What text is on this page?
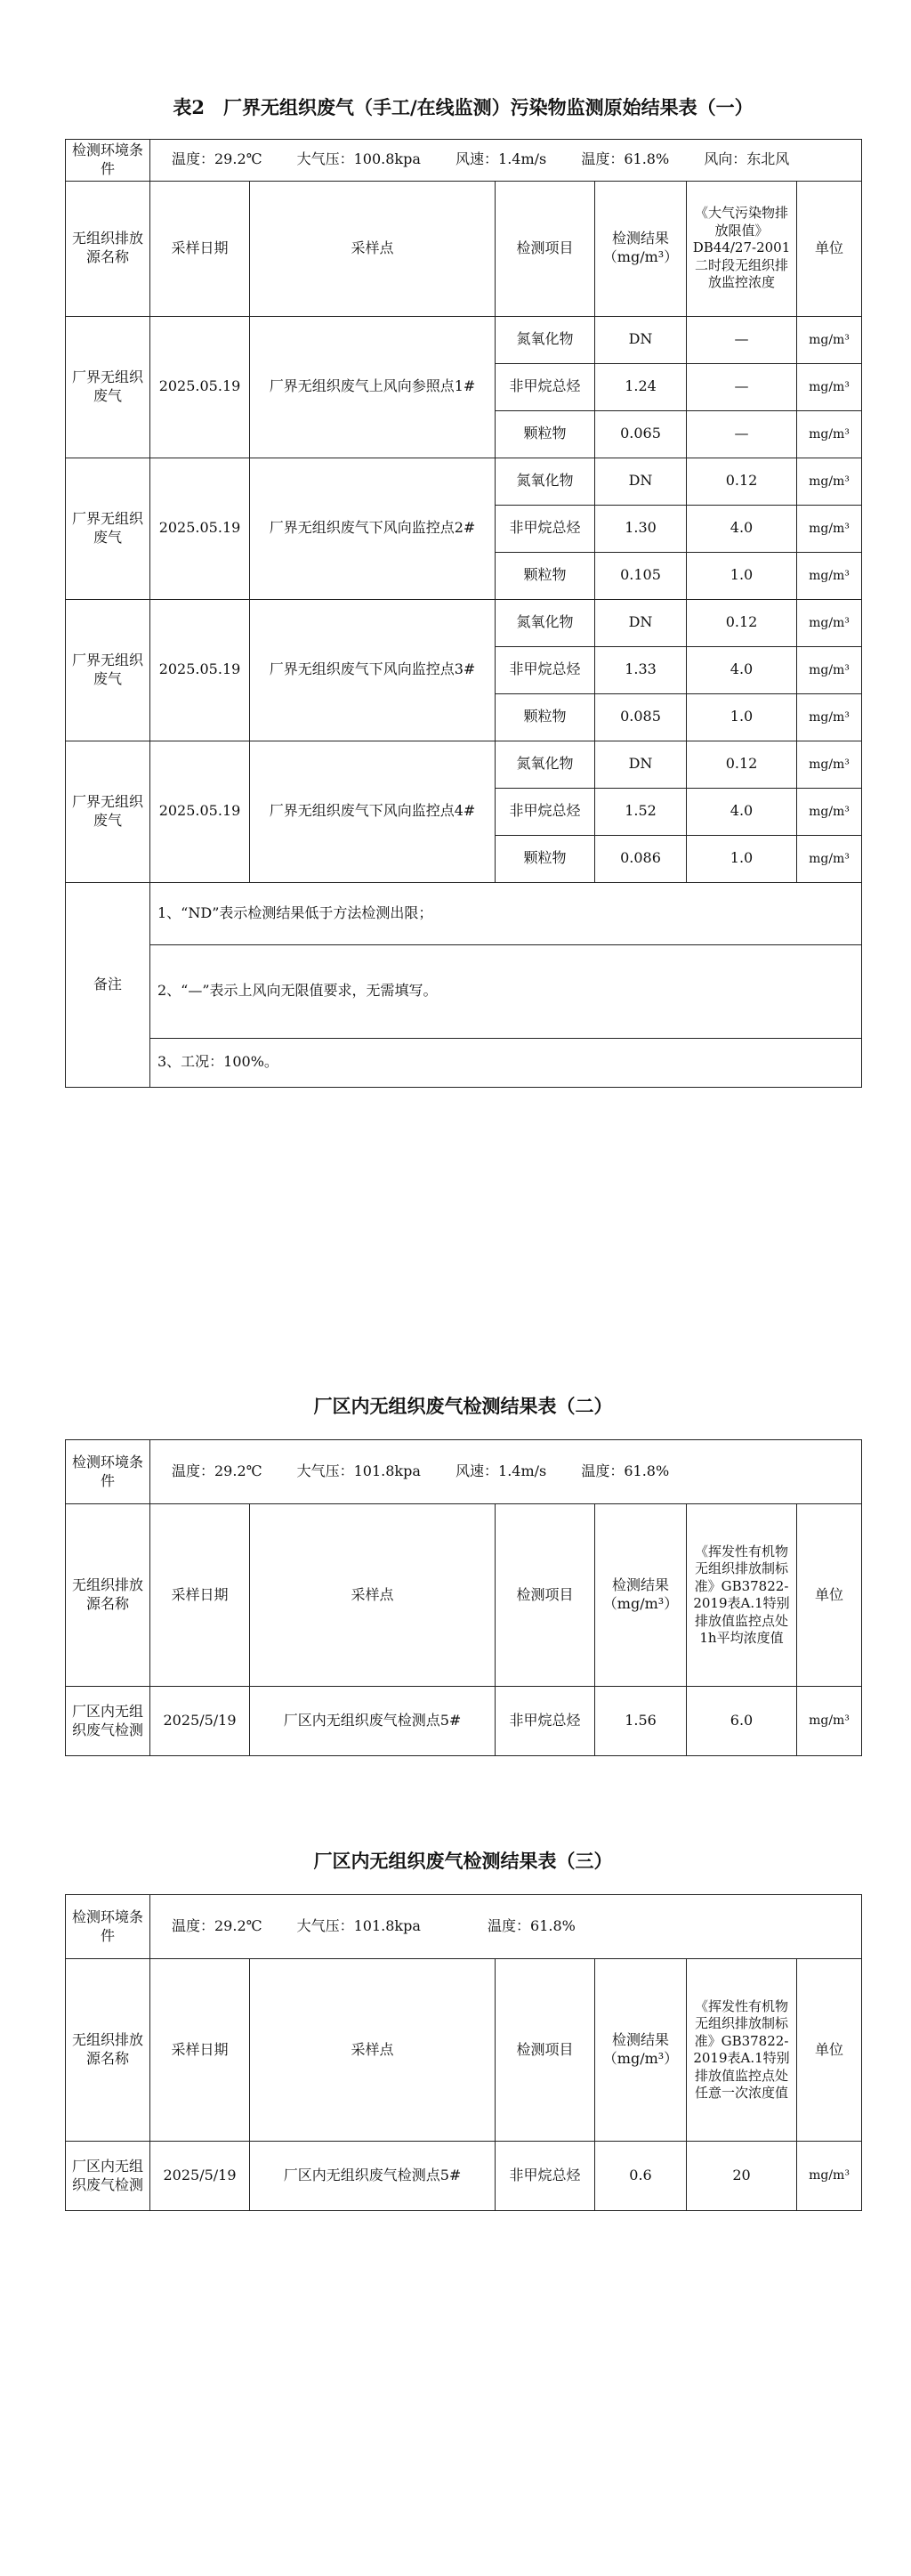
表2　厂界无组织废气（手工/在线监测）污染物监测原始结果表（一）
检测环境条件	温度：29.2℃ 大气压：100.8kpa 风速：1.4m/s 温度：61.8% 风向：东北风					
无组织排放源名称	采样日期	采样点	检测项目	检测结果（mg/m³）	《大气污染物排放限值》DB44/27-2001二时段无组织排放监控浓度	单位
厂界无组织废气	2025.05.19	厂界无组织废气上风向参照点1#	氮氧化物	DN	—	mg/m³
			非甲烷总烃	1.24	—	mg/m³
			颗粒物	0.065	—	mg/m³
厂界无组织废气	2025.05.19	厂界无组织废气下风向监控点2#	氮氧化物	DN	0.12	mg/m³
			非甲烷总烃	1.30	4.0	mg/m³
			颗粒物	0.105	1.0	mg/m³
厂界无组织废气	2025.05.19	厂界无组织废气下风向监控点3#	氮氧化物	DN	0.12	mg/m³
			非甲烷总烃	1.33	4.0	mg/m³
			颗粒物	0.085	1.0	mg/m³
厂界无组织废气	2025.05.19	厂界无组织废气下风向监控点4#	氮氧化物	DN	0.12	mg/m³
			非甲烷总烃	1.52	4.0	mg/m³
			颗粒物	0.086	1.0	mg/m³
备注	1、“ND”表示检测结果低于方法检测出限；					
	2、“—”表示上风向无限值要求，无需填写。					
	3、工况：100%。					
厂区内无组织废气检测结果表（二）
检测环境条件	温度：29.2℃ 大气压：101.8kpa 风速：1.4m/s 温度：61.8%					
无组织排放源名称	采样日期	采样点	检测项目	检测结果（mg/m³）	《挥发性有机物无组织排放制标准》GB37822-2019表A.1特别排放值监控点处1h平均浓度值	单位
厂区内无组织废气检测	2025/5/19	厂区内无组织废气检测点5#	非甲烷总烃	1.56	6.0	mg/m³
厂区内无组织废气检测结果表（三）
检测环境条件	温度：29.2℃ 大气压：101.8kpa 温度：61.8%					
无组织排放源名称	采样日期	采样点	检测项目	检测结果（mg/m³）	《挥发性有机物无组织排放制标准》GB37822-2019表A.1特别排放值监控点处任意一次浓度值	单位
厂区内无组织废气检测	2025/5/19	厂区内无组织废气检测点5#	非甲烷总烃	0.6	20	mg/m³
